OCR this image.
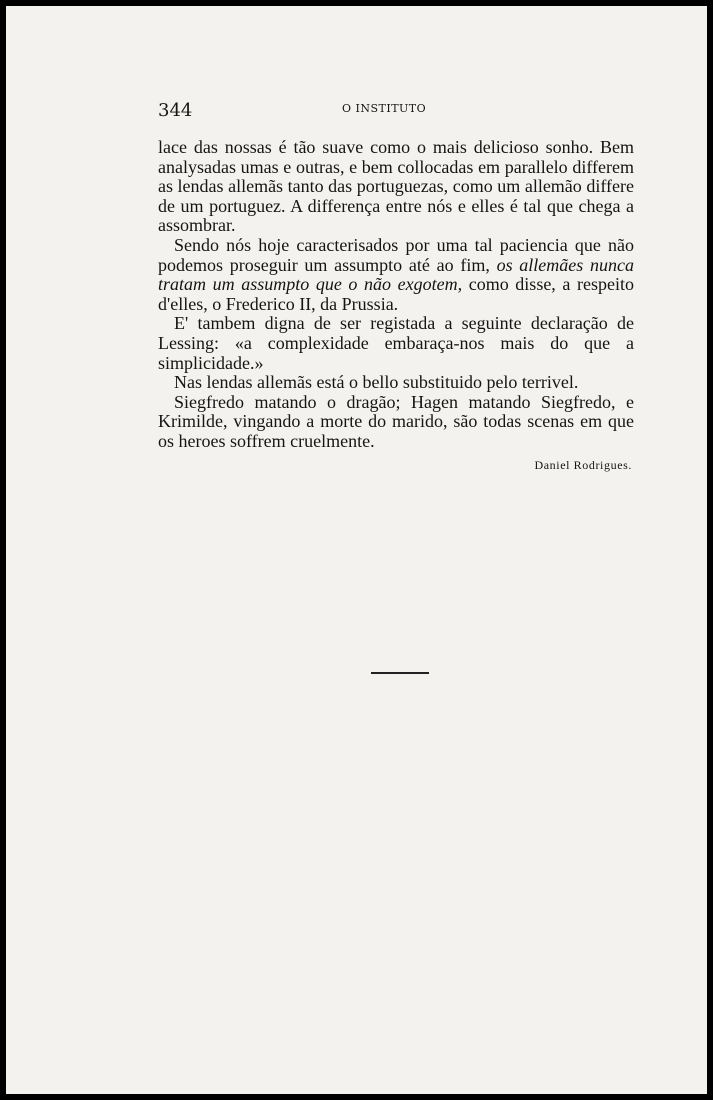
344	O INSTITUTO

lace das nossas é tão suave como o mais delicioso sonho. Bem analysadas umas e outras, e bem collocadas em parallelo differem as lendas allemãs tanto das portuguezas, como um allemão differe de um portuguez. A differença entre nós e elles é tal que chega a assombrar.

Sendo nós hoje caracterisados por uma tal paciencia que não podemos proseguir um assumpto até ao fim, os allemães nunca tratam um assumpto que o não exgotem, como disse, a respeito d'elles, o Frederico II, da Prussia.

E' tambem digna de ser registada a seguinte declaração de Lessing: «a complexidade embaraça-nos mais do que a simplicidade.»

Nas lendas allemãs está o bello substituido pelo terrivel.

Siegfredo matando o dragão; Hagen matando Siegfredo, e Krimilde, vingando a morte do marido, são todas scenas em que os heroes soffrem cruelmente.

Daniel Rodrigues.
